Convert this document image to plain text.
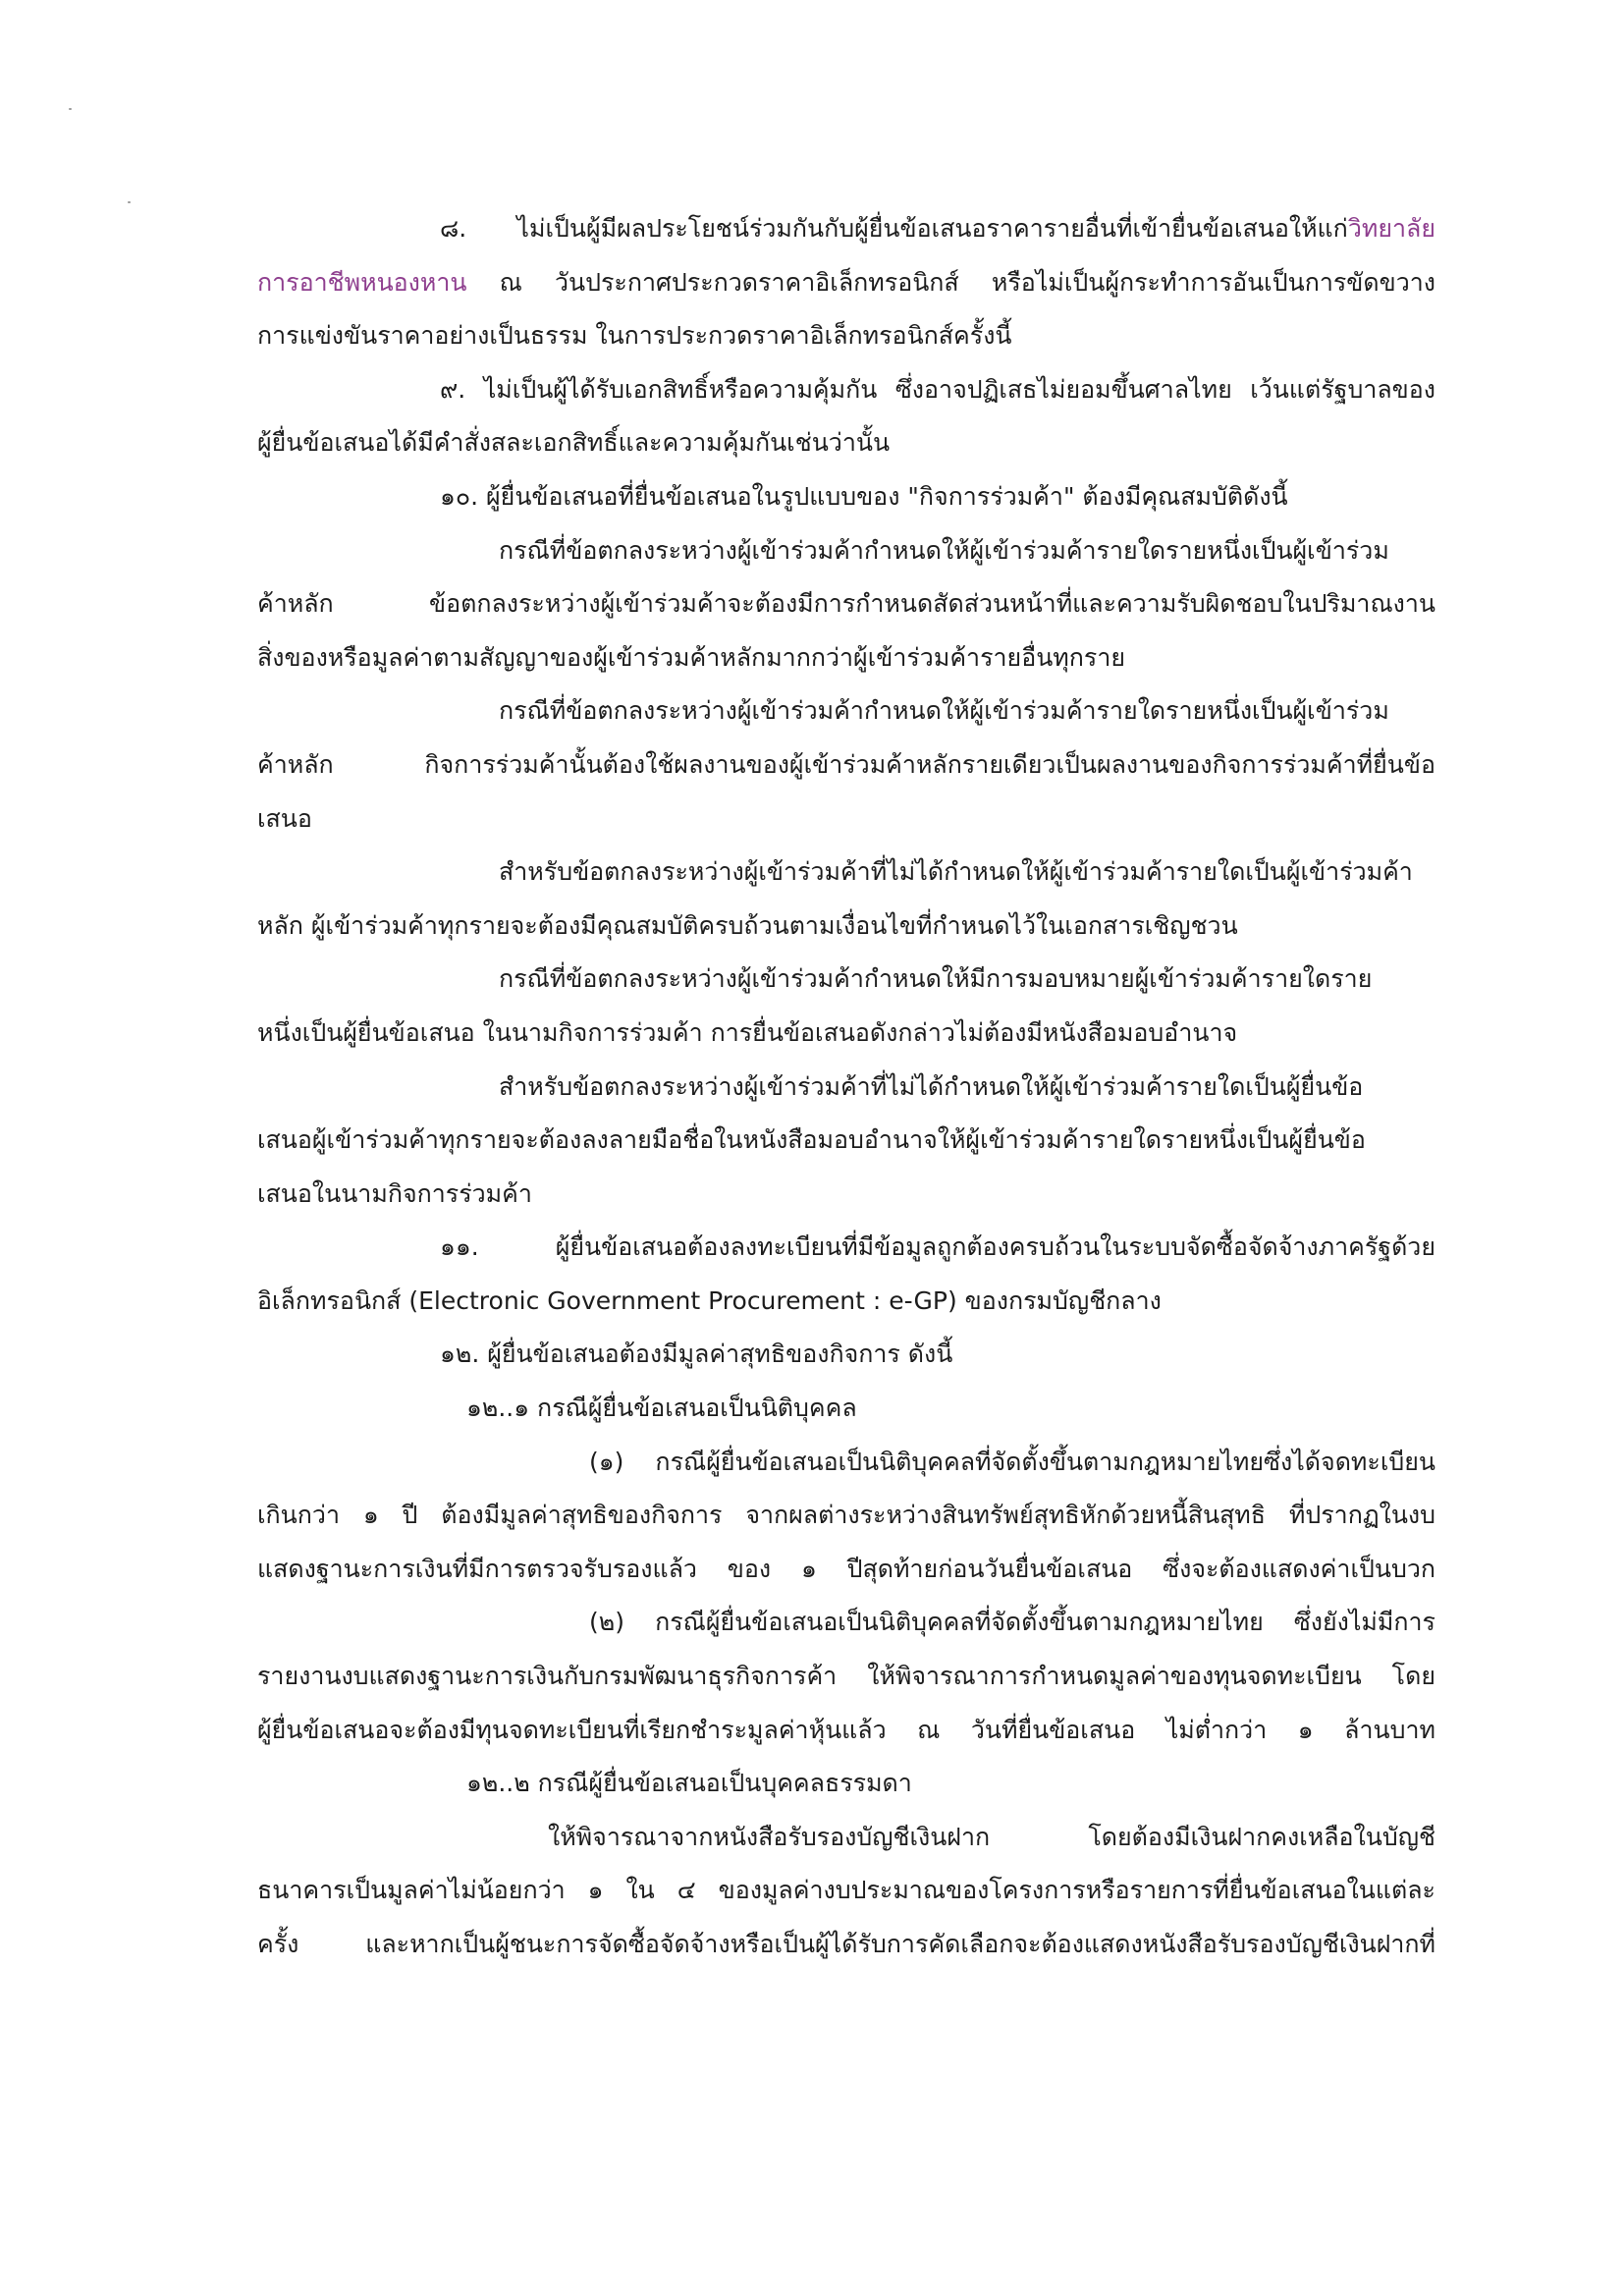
๘. ไม่เป็นผู้มีผลประโยชน์ร่วมกันกับผู้ยื่นข้อเสนอราคารายอื่นที่เข้ายื่นข้อเสนอให้แก่วิทยาลัย
การอาชีพหนองหาน ณ วันประกาศประกวดราคาอิเล็กทรอนิกส์ หรือไม่เป็นผู้กระทำการอันเป็นการขัดขวาง
การแข่งขันราคาอย่างเป็นธรรม ในการประกวดราคาอิเล็กทรอนิกส์ครั้งนี้
๙. ไม่เป็นผู้ได้รับเอกสิทธิ์หรือความคุ้มกัน ซึ่งอาจปฏิเสธไม่ยอมขึ้นศาลไทย เว้นแต่รัฐบาลของ
ผู้ยื่นข้อเสนอได้มีคำสั่งสละเอกสิทธิ์และความคุ้มกันเช่นว่านั้น
๑๐. ผู้ยื่นข้อเสนอที่ยื่นข้อเสนอในรูปแบบของ "กิจการร่วมค้า" ต้องมีคุณสมบัติดังนี้
กรณีที่ข้อตกลงระหว่างผู้เข้าร่วมค้ากำหนดให้ผู้เข้าร่วมค้ารายใดรายหนึ่งเป็นผู้เข้าร่วม
ค้าหลัก ข้อตกลงระหว่างผู้เข้าร่วมค้าจะต้องมีการกำหนดสัดส่วนหน้าที่และความรับผิดชอบในปริมาณงาน
สิ่งของหรือมูลค่าตามสัญญาของผู้เข้าร่วมค้าหลักมากกว่าผู้เข้าร่วมค้ารายอื่นทุกราย
กรณีที่ข้อตกลงระหว่างผู้เข้าร่วมค้ากำหนดให้ผู้เข้าร่วมค้ารายใดรายหนึ่งเป็นผู้เข้าร่วม
ค้าหลัก กิจการร่วมค้านั้นต้องใช้ผลงานของผู้เข้าร่วมค้าหลักรายเดียวเป็นผลงานของกิจการร่วมค้าที่ยื่นข้อ
เสนอ
สำหรับข้อตกลงระหว่างผู้เข้าร่วมค้าที่ไม่ได้กำหนดให้ผู้เข้าร่วมค้ารายใดเป็นผู้เข้าร่วมค้า
หลัก ผู้เข้าร่วมค้าทุกรายจะต้องมีคุณสมบัติครบถ้วนตามเงื่อนไขที่กำหนดไว้ในเอกสารเชิญชวน
กรณีที่ข้อตกลงระหว่างผู้เข้าร่วมค้ากำหนดให้มีการมอบหมายผู้เข้าร่วมค้ารายใดราย
หนึ่งเป็นผู้ยื่นข้อเสนอ ในนามกิจการร่วมค้า การยื่นข้อเสนอดังกล่าวไม่ต้องมีหนังสือมอบอำนาจ
สำหรับข้อตกลงระหว่างผู้เข้าร่วมค้าที่ไม่ได้กำหนดให้ผู้เข้าร่วมค้ารายใดเป็นผู้ยื่นข้อ
เสนอผู้เข้าร่วมค้าทุกรายจะต้องลงลายมือชื่อในหนังสือมอบอำนาจให้ผู้เข้าร่วมค้ารายใดรายหนึ่งเป็นผู้ยื่นข้อ
เสนอในนามกิจการร่วมค้า
๑๑. ผู้ยื่นข้อเสนอต้องลงทะเบียนที่มีข้อมูลถูกต้องครบถ้วนในระบบจัดซื้อจัดจ้างภาครัฐด้วย
อิเล็กทรอนิกส์ (Electronic Government Procurement : e-GP) ของกรมบัญชีกลาง
๑๒. ผู้ยื่นข้อเสนอต้องมีมูลค่าสุทธิของกิจการ ดังนี้
๑๒..๑ กรณีผู้ยื่นข้อเสนอเป็นนิติบุคคล
(๑) กรณีผู้ยื่นข้อเสนอเป็นนิติบุคคลที่จัดตั้งขึ้นตามกฎหมายไทยซึ่งได้จดทะเบียน
เกินกว่า ๑ ปี ต้องมีมูลค่าสุทธิของกิจการ จากผลต่างระหว่างสินทรัพย์สุทธิหักด้วยหนี้สินสุทธิ ที่ปรากฏในงบ
แสดงฐานะการเงินที่มีการตรวจรับรองแล้ว ของ ๑ ปีสุดท้ายก่อนวันยื่นข้อเสนอ ซึ่งจะต้องแสดงค่าเป็นบวก
(๒) กรณีผู้ยื่นข้อเสนอเป็นนิติบุคคลที่จัดตั้งขึ้นตามกฎหมายไทย ซึ่งยังไม่มีการ
รายงานงบแสดงฐานะการเงินกับกรมพัฒนาธุรกิจการค้า ให้พิจารณาการกำหนดมูลค่าของทุนจดทะเบียน โดย
ผู้ยื่นข้อเสนอจะต้องมีทุนจดทะเบียนที่เรียกชำระมูลค่าหุ้นแล้ว ณ วันที่ยื่นข้อเสนอ ไม่ต่ำกว่า ๑ ล้านบาท
๑๒..๒ กรณีผู้ยื่นข้อเสนอเป็นบุคคลธรรมดา
ให้พิจารณาจากหนังสือรับรองบัญชีเงินฝาก โดยต้องมีเงินฝากคงเหลือในบัญชี
ธนาคารเป็นมูลค่าไม่น้อยกว่า ๑ ใน ๔ ของมูลค่างบประมาณของโครงการหรือรายการที่ยื่นข้อเสนอในแต่ละ
ครั้ง และหากเป็นผู้ชนะการจัดซื้อจัดจ้างหรือเป็นผู้ได้รับการคัดเลือกจะต้องแสดงหนังสือรับรองบัญชีเงินฝากที่
